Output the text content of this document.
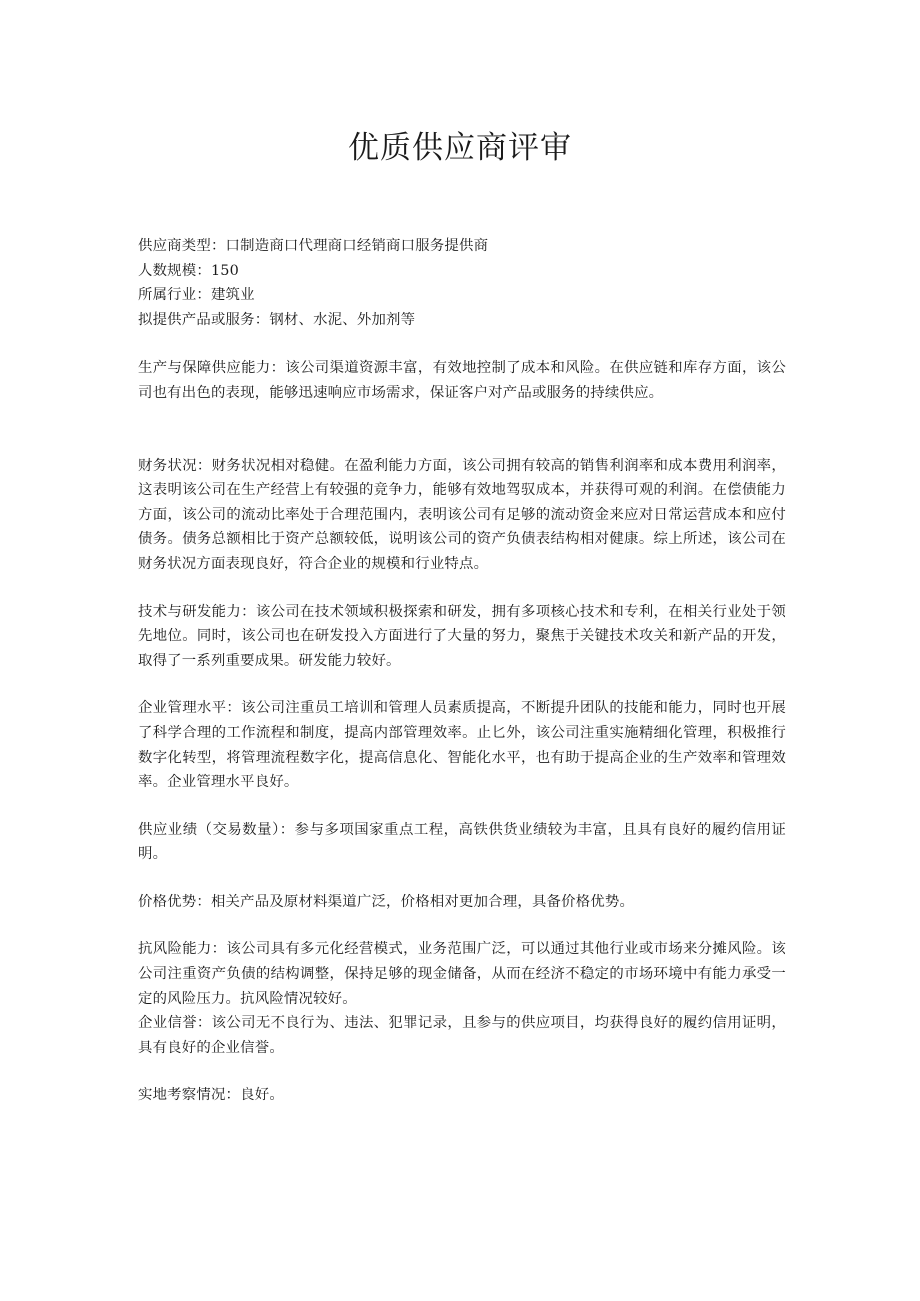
优质供应商评审
供应商类型：口制造商口代理商口经销商口服务提供商
人数规模：150
所属行业：建筑业
拟提供产品或服务：钢材、水泥、外加剂等
生产与保障供应能力：该公司渠道资源丰富，有效地控制了成本和风险。在供应链和库存方面，该公司也有出色的表现，能够迅速响应市场需求，保证客户对产品或服务的持续供应。
财务状况：财务状况相对稳健。在盈利能力方面，该公司拥有较高的销售利润率和成本费用利润率，这表明该公司在生产经营上有较强的竞争力，能够有效地驾驭成本，并获得可观的利润。在偿债能力方面，该公司的流动比率处于合理范围内，表明该公司有足够的流动资金来应对日常运营成本和应付债务。债务总额相比于资产总额较低，说明该公司的资产负债表结构相对健康。综上所述，该公司在财务状况方面表现良好，符合企业的规模和行业特点。
技术与研发能力：该公司在技术领域积极探索和研发，拥有多项核心技术和专利，在相关行业处于领先地位。同时，该公司也在研发投入方面进行了大量的努力，聚焦于关键技术攻关和新产品的开发，取得了一系列重要成果。研发能力较好。
企业管理水平：该公司注重员工培训和管理人员素质提高，不断提升团队的技能和能力，同时也开展了科学合理的工作流程和制度，提高内部管理效率。止匕外，该公司注重实施精细化管理，积极推行数字化转型，将管理流程数字化，提高信息化、智能化水平，也有助于提高企业的生产效率和管理效率。企业管理水平良好。
供应业绩（交易数量）：参与多项国家重点工程，高铁供货业绩较为丰富，且具有良好的履约信用证明。
价格优势：相关产品及原材料渠道广泛，价格相对更加合理，具备价格优势。
抗风险能力：该公司具有多元化经营模式，业务范围广泛，可以通过其他行业或市场来分摊风险。该公司注重资产负债的结构调整，保持足够的现金储备，从而在经济不稳定的市场环境中有能力承受一定的风险压力。抗风险情况较好。
企业信誉：该公司无不良行为、违法、犯罪记录，且参与的供应项目，均获得良好的履约信用证明，具有良好的企业信誉。
实地考察情况：良好。
